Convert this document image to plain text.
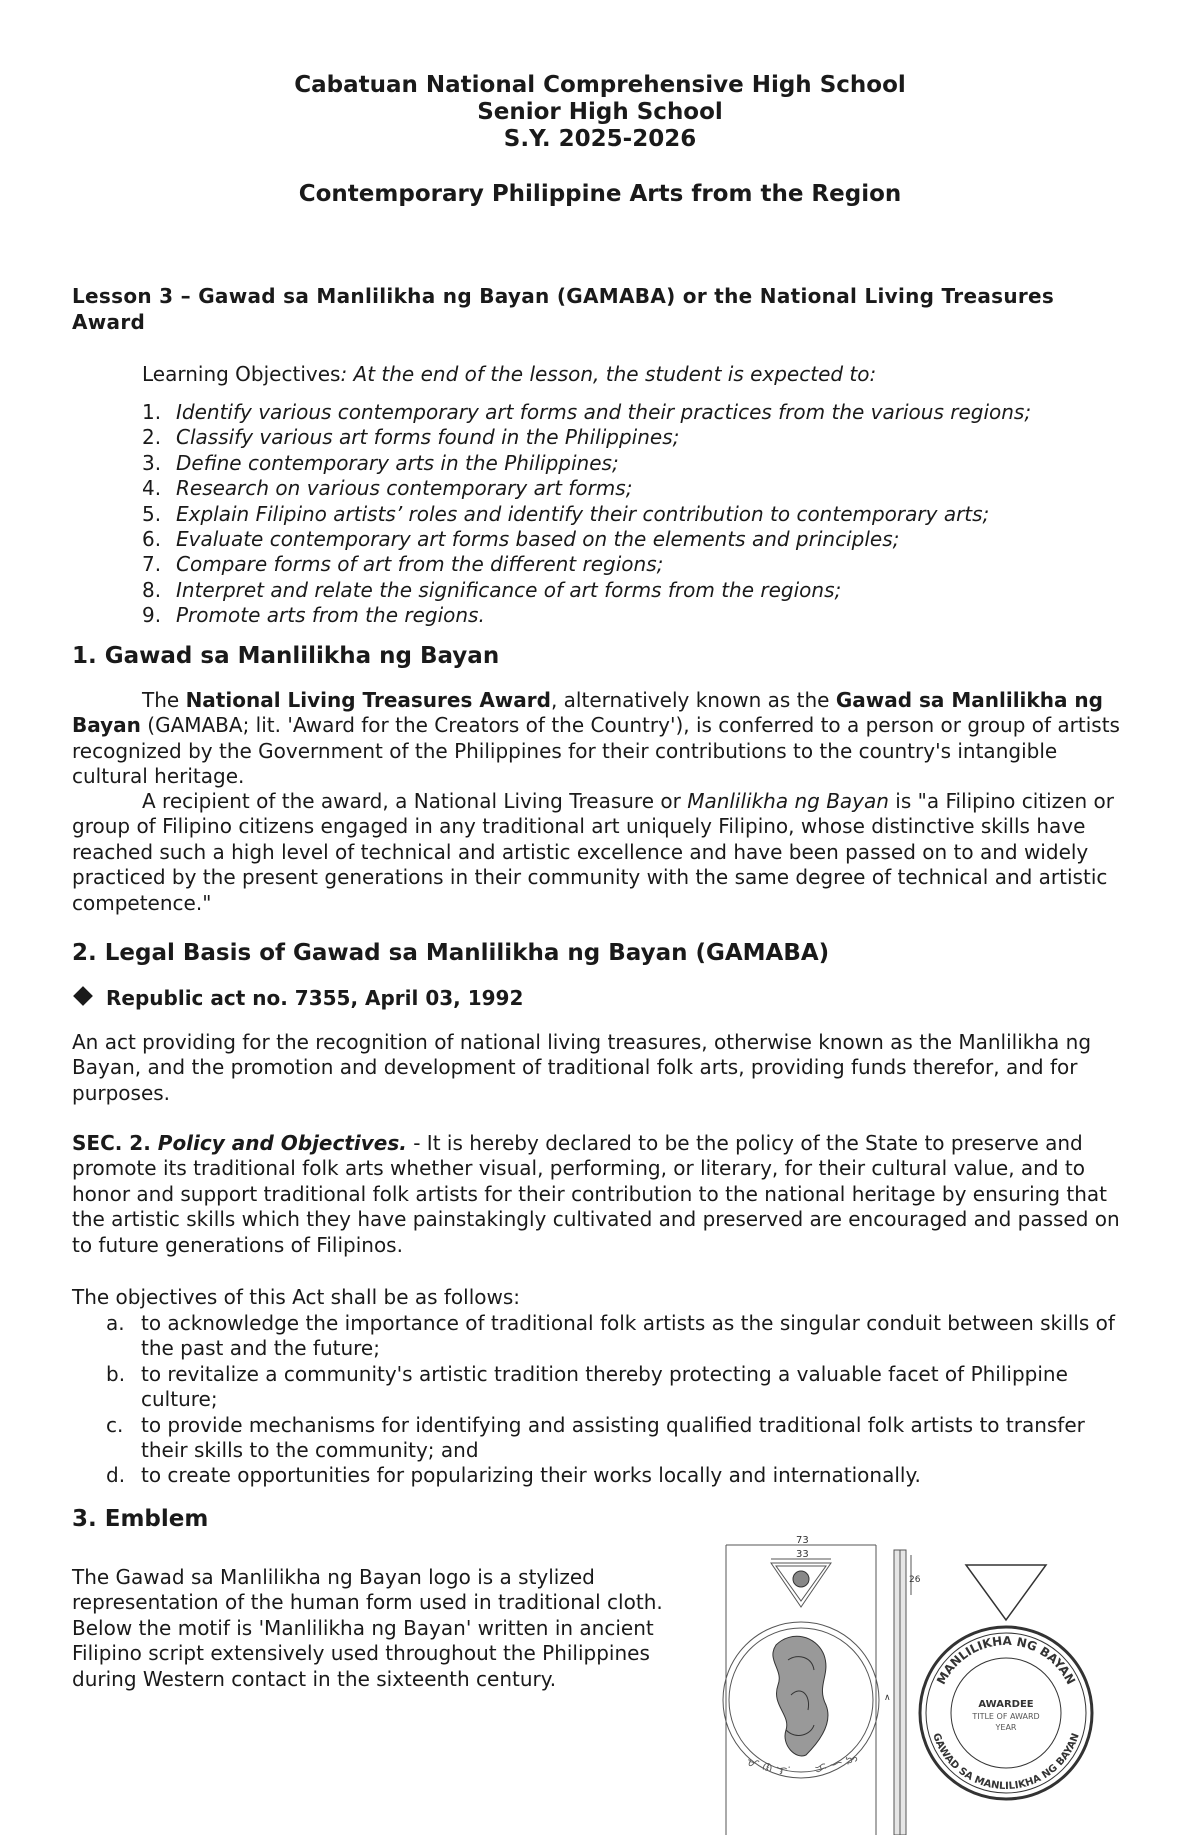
Cabatuan National Comprehensive High School
Senior High School
S.Y. 2025-2026
Contemporary Philippine Arts from the Region
Lesson 3 – Gawad sa Manlilikha ng Bayan (GAMABA) or the National Living Treasures Award
Learning Objectives: At the end of the lesson, the student is expected to:
1. Identify various contemporary art forms and their practices from the various regions;
2. Classify various art forms found in the Philippines;
3. Define contemporary arts in the Philippines;
4. Research on various contemporary art forms;
5. Explain Filipino artists’ roles and identify their contribution to contemporary arts;
6. Evaluate contemporary art forms based on the elements and principles;
7. Compare forms of art from the different regions;
8. Interpret and relate the significance of art forms from the regions;
9. Promote arts from the regions.
1. Gawad sa Manlilikha ng Bayan
The National Living Treasures Award, alternatively known as the Gawad sa Manlilikha ng Bayan (GAMABA; lit. 'Award for the Creators of the Country'), is conferred to a person or group of artists recognized by the Government of the Philippines for their contributions to the country's intangible cultural heritage.
A recipient of the award, a National Living Treasure or Manlilikha ng Bayan is "a Filipino citizen or group of Filipino citizens engaged in any traditional art uniquely Filipino, whose distinctive skills have reached such a high level of technical and artistic excellence and have been passed on to and widely practiced by the present generations in their community with the same degree of technical and artistic competence."
2. Legal Basis of Gawad sa Manlilikha ng Bayan (GAMABA)
Republic act no. 7355, April 03, 1992
An act providing for the recognition of national living treasures, otherwise known as the Manlilikha ng Bayan, and the promotion and development of traditional folk arts, providing funds therefor, and for purposes.
SEC. 2. Policy and Objectives. - It is hereby declared to be the policy of the State to preserve and promote its traditional folk arts whether visual, performing, or literary, for their cultural value, and to honor and support traditional folk artists for their contribution to the national heritage by ensuring that the artistic skills which they have painstakingly cultivated and preserved are encouraged and passed on to future generations of Filipinos.
The objectives of this Act shall be as follows:
a. to acknowledge the importance of traditional folk artists as the singular conduit between skills of the past and the future;
b. to revitalize a community's artistic tradition thereby protecting a valuable facet of Philippine culture;
c. to provide mechanisms for identifying and assisting qualified traditional folk artists to transfer their skills to the community; and
d. to create opportunities for popularizing their works locally and internationally.
3. Emblem
The Gawad sa Manlilikha ng Bayan logo is a stylized representation of the human form used in traditional cloth. Below the motif is 'Manlilikha ng Bayan' written in ancient Filipino script extensively used throughout the Philippines during Western contact in the sixteenth century.
73
33
ᜋ ᜈ ᜎ ᜒ ᜃ ᜑ ᜅ
26
∧
MANLILIKHA NG BAYAN
GAWAD SA MANLILIKHA NG BAYAN
AWARDEE
TITLE OF AWARD
YEAR
